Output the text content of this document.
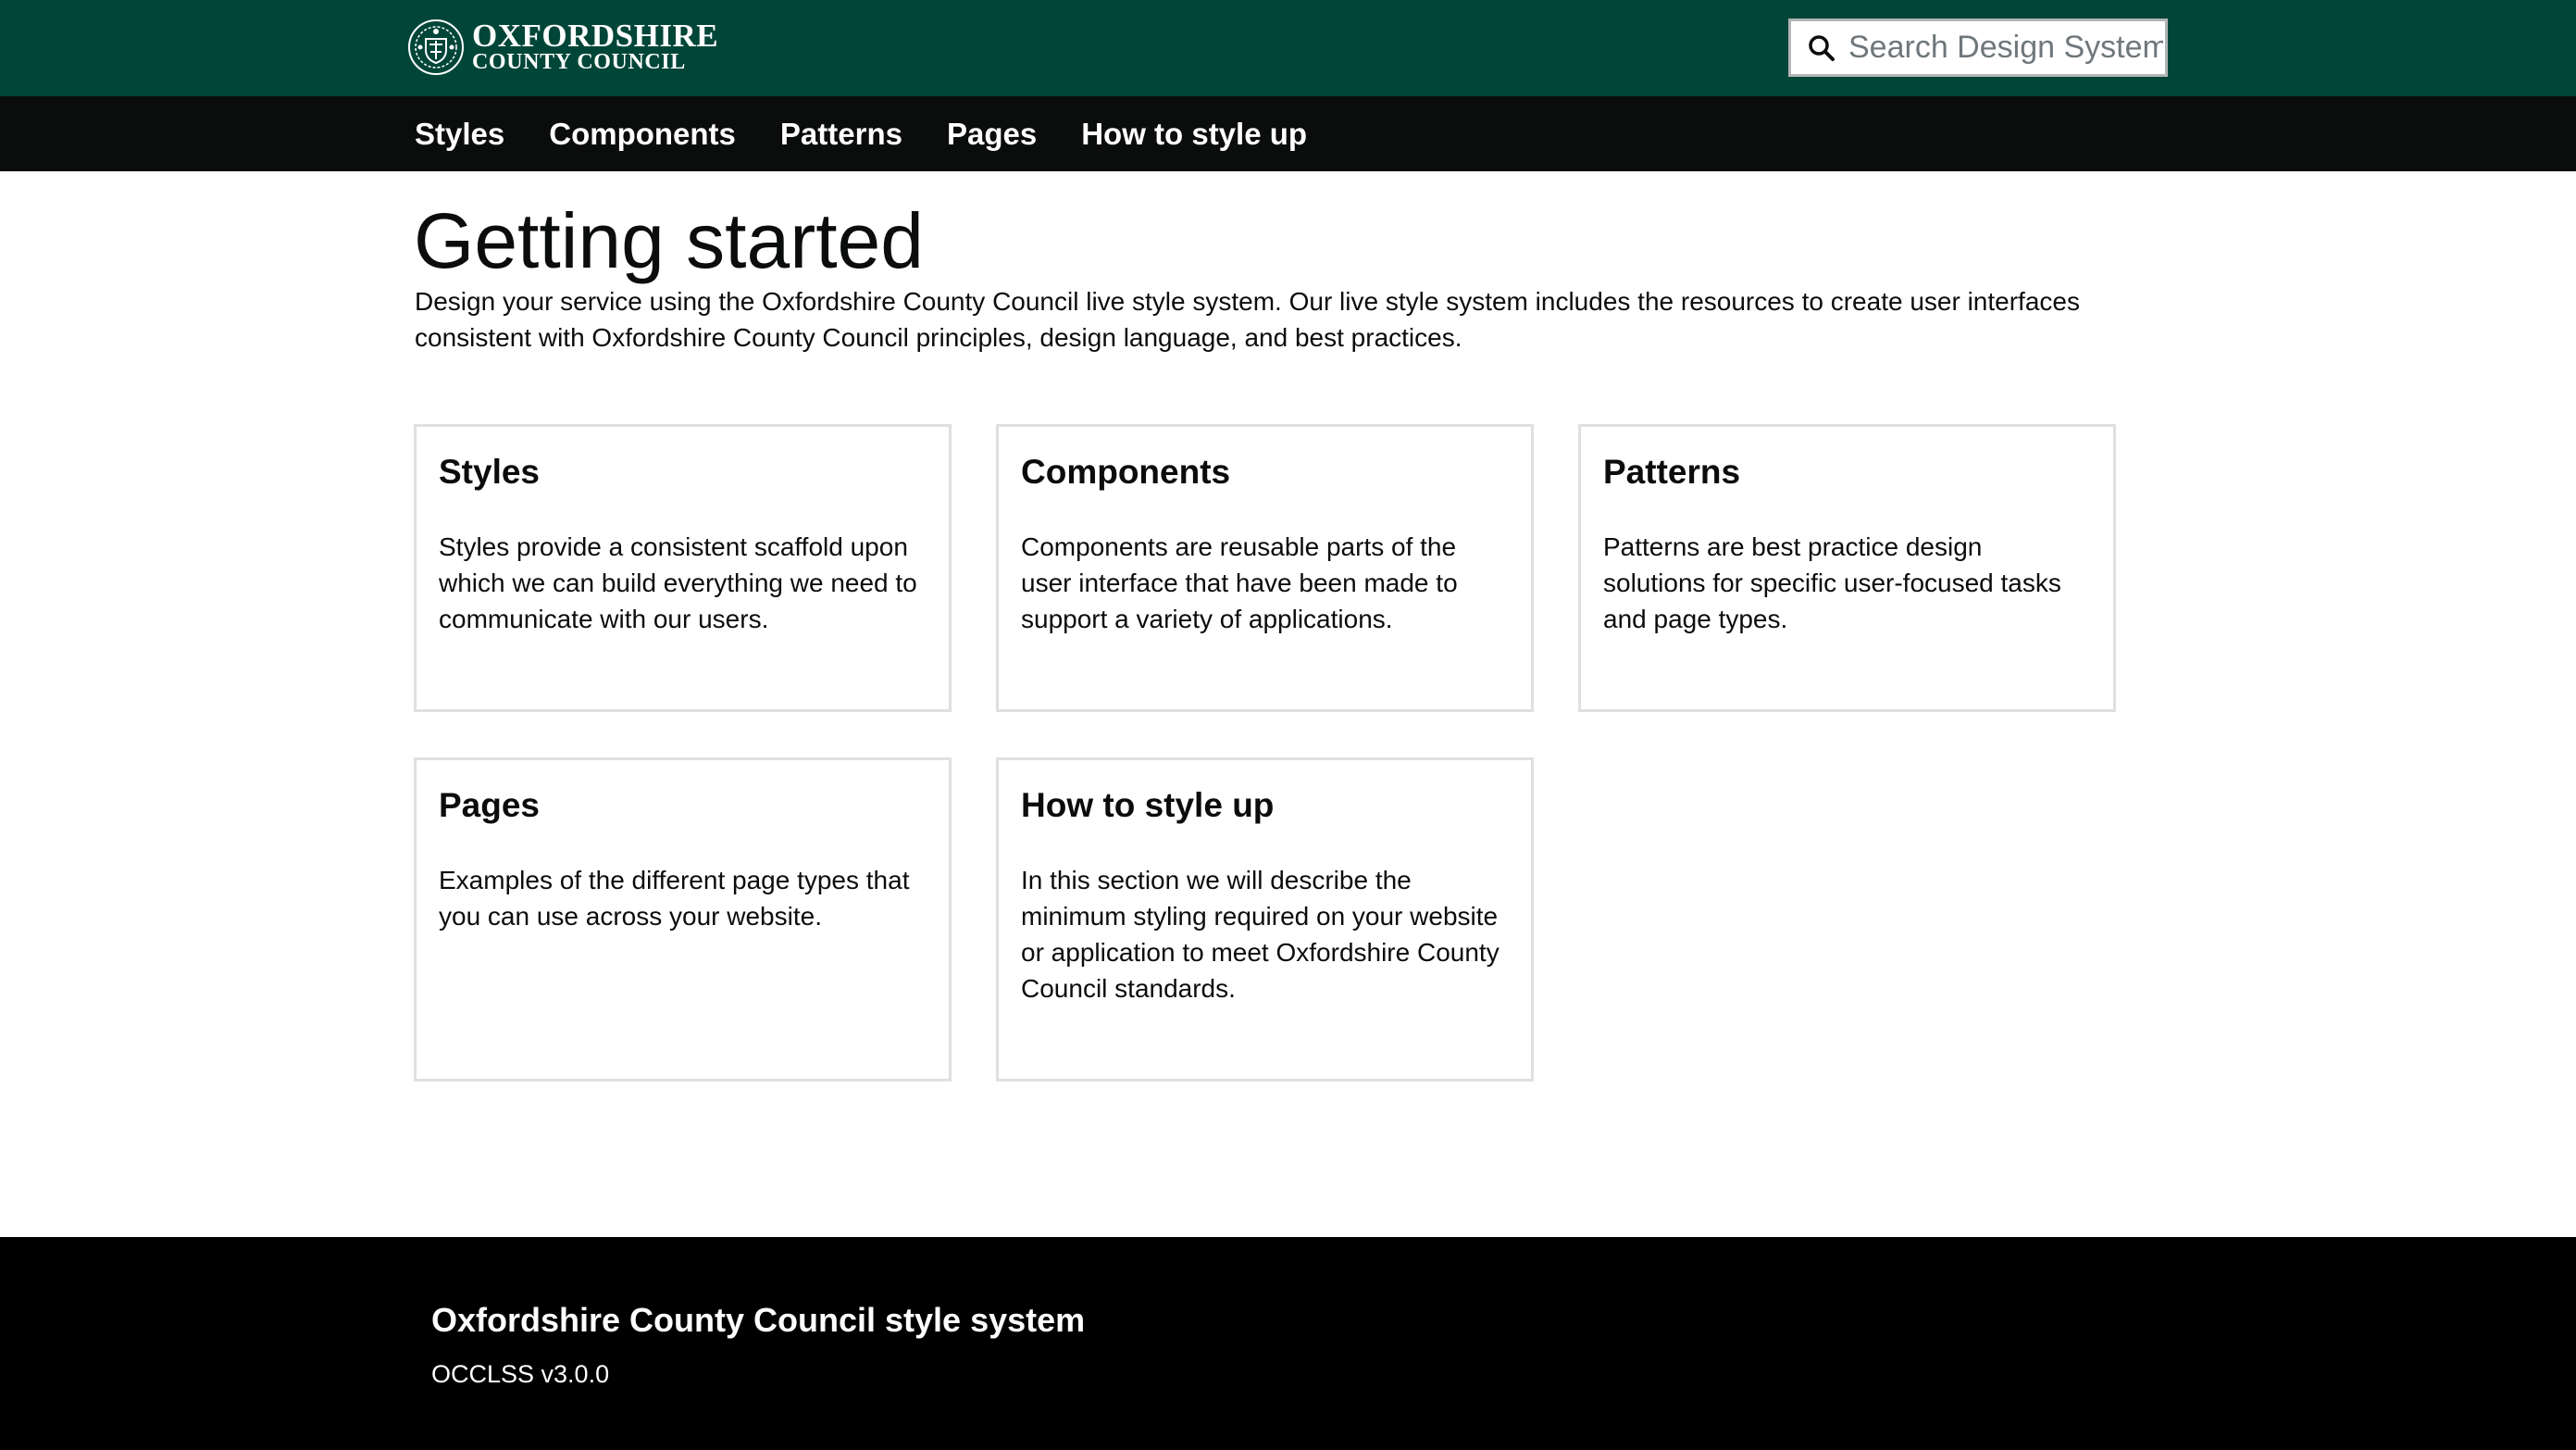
OXFORDSHIRE
COUNTY COUNCIL
Search Design System
Styles Components Patterns Pages How to style up
Getting started

Design your service using the Oxfordshire County Council live style system. Our live style system includes the resources to create user interfaces consistent with Oxfordshire County Council principles, design language, and best practices.

Styles

Styles provide a consistent scaffold upon which we can build everything we need to communicate with our users.

Components

Components are reusable parts of the user interface that have been made to support a variety of applications.

Patterns

Patterns are best practice design solutions for specific user-focused tasks and page types.

Pages

Examples of the different page types that you can use across your website.

How to style up

In this section we will describe the minimum styling required on your website or application to meet Oxfordshire County Council standards.

Oxfordshire County Council style system

OCCLSS v3.0.0
